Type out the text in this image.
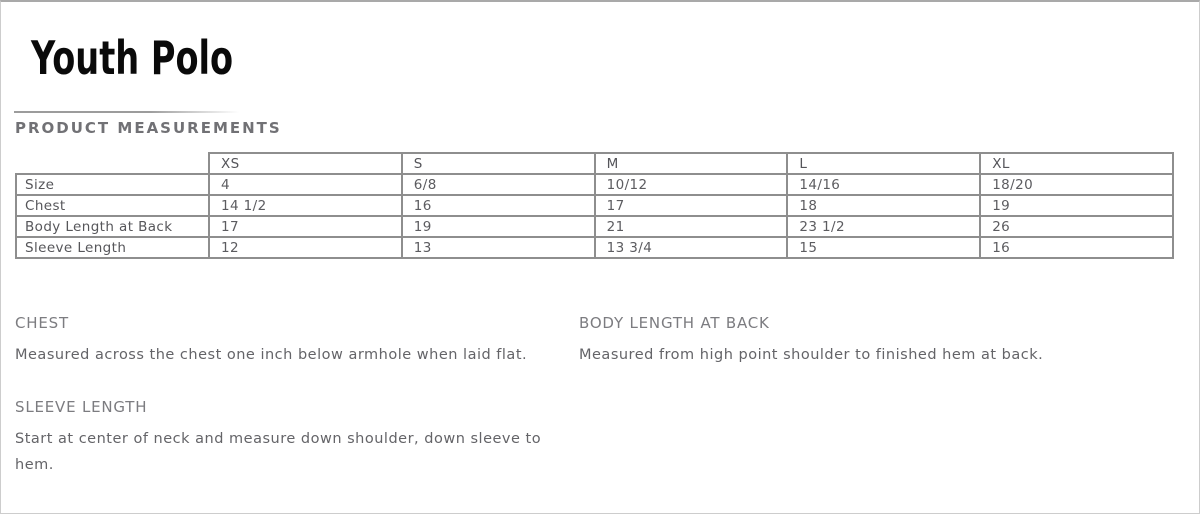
Youth Polo
PRODUCT MEASUREMENTS
	XS	S	M	L	XL
Size	4	6/8	10/12	14/16	18/20
Chest	14 1/2	16	17	18	19
Body Length at Back	17	19	21	23 1/2	26
Sleeve Length	12	13	13 3/4	15	16
CHEST
Measured across the chest one inch below armhole when laid flat.
BODY LENGTH AT BACK
Measured from high point shoulder to finished hem at back.
SLEEVE LENGTH
Start at center of neck and measure down shoulder, down sleeve to hem.
